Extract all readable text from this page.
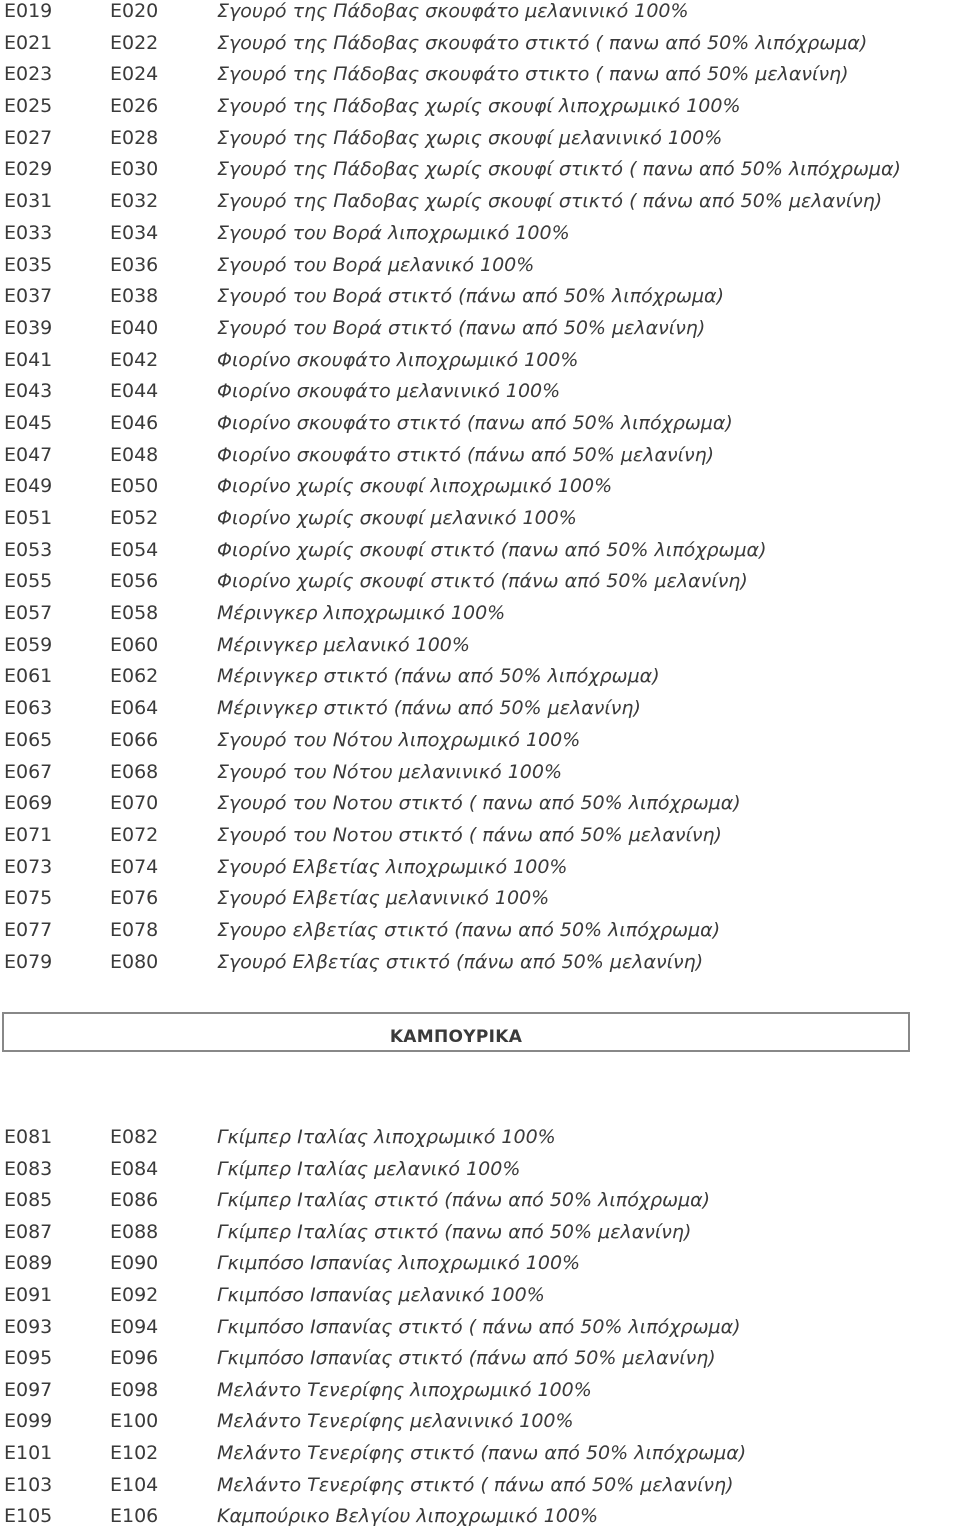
E019	E020	Σγουρό της Πάδοβας σκουφάτο μελανινικό 100%
E021	E022	Σγουρό της Πάδοβας σκουφάτο στικτό ( πανω από 50% λιπόχρωμα)
E023	E024	Σγουρό της Πάδοβας σκουφάτο στικτο ( πανω από 50% μελανίνη)
E025	E026	Σγουρό της Πάδοβας χωρίς σκουφί λιποχρωμικό 100%
E027	E028	Σγουρό της Πάδοβας χωρις σκουφί μελανινικό 100%
E029	E030	Σγουρό της Πάδοβας χωρίς σκουφί στικτό ( πανω από 50% λιπόχρωμα)
E031	E032	Σγουρό της Παδοβας χωρίς σκουφί στικτό ( πάνω από 50% μελανίνη)
E033	E034	Σγουρό του Βορά λιποχρωμικό 100%
E035	E036	Σγουρό του Βορά μελανικό 100%
E037	E038	Σγουρό του Βορά στικτό (πάνω από 50% λιπόχρωμα)
E039	E040	Σγουρό του Βορά στικτό (πανω από 50% μελανίνη)
E041	E042	Φιορίνο σκουφάτο λιποχρωμικό 100%
E043	E044	Φιορίνο σκουφάτο μελανινικό 100%
E045	E046	Φιορίνο σκουφάτο στικτό (πανω από 50% λιπόχρωμα)
E047	E048	Φιορίνο σκουφάτο στικτό (πάνω από 50% μελανίνη)
E049	E050	Φιορίνο χωρίς σκουφί λιποχρωμικό 100%
E051	E052	Φιορίνο χωρίς σκουφί μελανικό 100%
E053	E054	Φιορίνο χωρίς σκουφί στικτό (πανω από 50% λιπόχρωμα)
E055	E056	Φιορίνο χωρίς σκουφί στικτό (πάνω από 50% μελανίνη)
E057	E058	Μέρινγκερ λιποχρωμικό 100%
E059	E060	Μέρινγκερ μελανικό 100%
E061	E062	Μέρινγκερ στικτό (πάνω από 50% λιπόχρωμα)
E063	E064	Μέρινγκερ στικτό (πάνω από 50% μελανίνη)
E065	E066	Σγουρό του Νότου λιποχρωμικό 100%
E067	E068	Σγουρό του Νότου μελανινικό 100%
E069	E070	Σγουρό του Νοτου στικτό ( πανω από 50% λιπόχρωμα)
E071	E072	Σγουρό του Νοτου στικτό ( πάνω από 50% μελανίνη)
E073	E074	Σγουρό Ελβετίας λιποχρωμικό 100%
E075	E076	Σγουρό Ελβετίας μελανινικό 100%
E077	E078	Σγουρο ελβετίας στικτό (πανω από 50% λιπόχρωμα)
E079	E080	Σγουρό Ελβετίας στικτό (πάνω από 50% μελανίνη)
ΚΑΜΠΟΥΡΙΚΑ
E081	E082	Γκίμπερ Ιταλίας λιποχρωμικό 100%
E083	E084	Γκίμπερ Ιταλίας μελανικό 100%
E085	E086	Γκίμπερ Ιταλίας στικτό (πάνω από 50% λιπόχρωμα)
E087	E088	Γκίμπερ Ιταλίας στικτό (πανω από 50% μελανίνη)
E089	E090	Γκιμπόσο Ισπανίας λιποχρωμικό 100%
E091	E092	Γκιμπόσο Ισπανίας μελανικό 100%
E093	E094	Γκιμπόσο Ισπανίας στικτό ( πάνω από 50% λιπόχρωμα)
E095	E096	Γκιμπόσο Ισπανίας στικτό (πάνω από 50% μελανίνη)
E097	E098	Μελάντο Τενερίφης λιποχρωμικό 100%
E099	E100	Μελάντο Τενερίφης μελανινικό 100%
E101	E102	Μελάντο Τενερίφης στικτό (πανω από 50% λιπόχρωμα)
E103	E104	Μελάντο Τενερίφης στικτό ( πάνω από 50% μελανίνη)
E105	E106	Καμπούρικο Βελγίου λιποχρωμικό 100%
